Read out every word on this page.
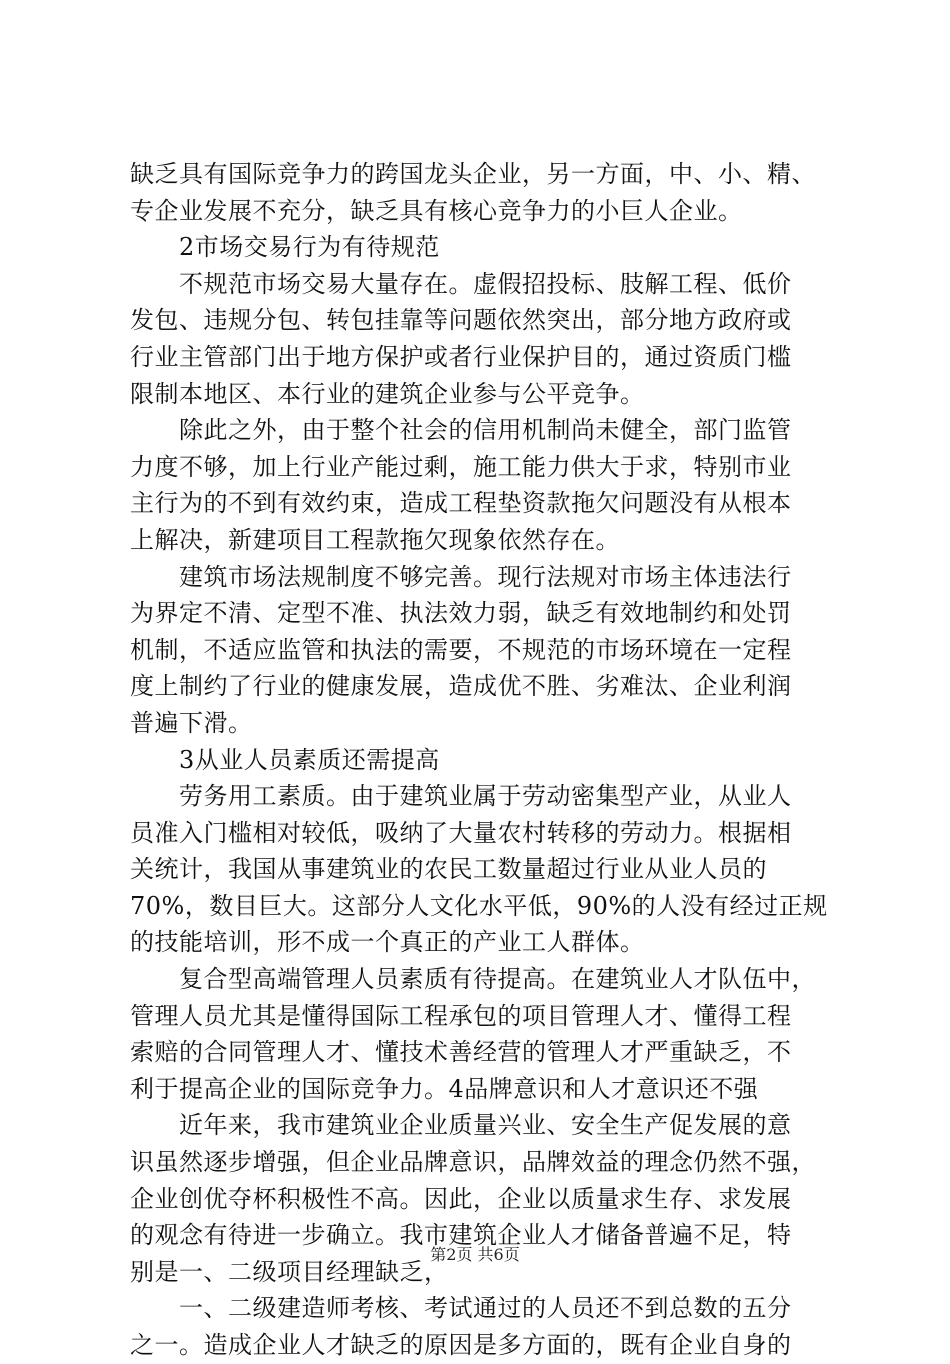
缺乏具有国际竞争力的跨国龙头企业，另一方面，中、小、精、
专企业发展不充分，缺乏具有核心竞争力的小巨人企业。
　　2市场交易行为有待规范
　　不规范市场交易大量存在。虚假招投标、肢解工程、低价
发包、违规分包、转包挂靠等问题依然突出，部分地方政府或
行业主管部门出于地方保护或者行业保护目的，通过资质门槛
限制本地区、本行业的建筑企业参与公平竞争。
　　除此之外，由于整个社会的信用机制尚未健全，部门监管
力度不够，加上行业产能过剩，施工能力供大于求，特别市业
主行为的不到有效约束，造成工程垫资款拖欠问题没有从根本
上解决，新建项目工程款拖欠现象依然存在。
　　建筑市场法规制度不够完善。现行法规对市场主体违法行
为界定不清、定型不准、执法效力弱，缺乏有效地制约和处罚
机制，不适应监管和执法的需要，不规范的市场环境在一定程
度上制约了行业的健康发展，造成优不胜、劣难汰、企业利润
普遍下滑。
　　3从业人员素质还需提高
　　劳务用工素质。由于建筑业属于劳动密集型产业，从业人
员准入门槛相对较低，吸纳了大量农村转移的劳动力。根据相
关统计，我国从事建筑业的农民工数量超过行业从业人员的
70%，数目巨大。这部分人文化水平低，90%的人没有经过正规
的技能培训，形不成一个真正的产业工人群体。
　　复合型高端管理人员素质有待提高。在建筑业人才队伍中，
管理人员尤其是懂得国际工程承包的项目管理人才、懂得工程
索赔的合同管理人才、懂技术善经营的管理人才严重缺乏，不
利于提高企业的国际竞争力。4品牌意识和人才意识还不强
　　近年来，我市建筑业企业质量兴业、安全生产促发展的意
识虽然逐步增强，但企业品牌意识，品牌效益的理念仍然不强，
企业创优夺杯积极性不高。因此，企业以质量求生存、求发展
的观念有待进一步确立。我市建筑企业人才储备普遍不足，特
别是一、二级项目经理缺乏，
　　一、二级建造师考核、考试通过的人员还不到总数的五分
之一。造成企业人才缺乏的原因是多方面的，既有企业自身的
第2页 共6页
